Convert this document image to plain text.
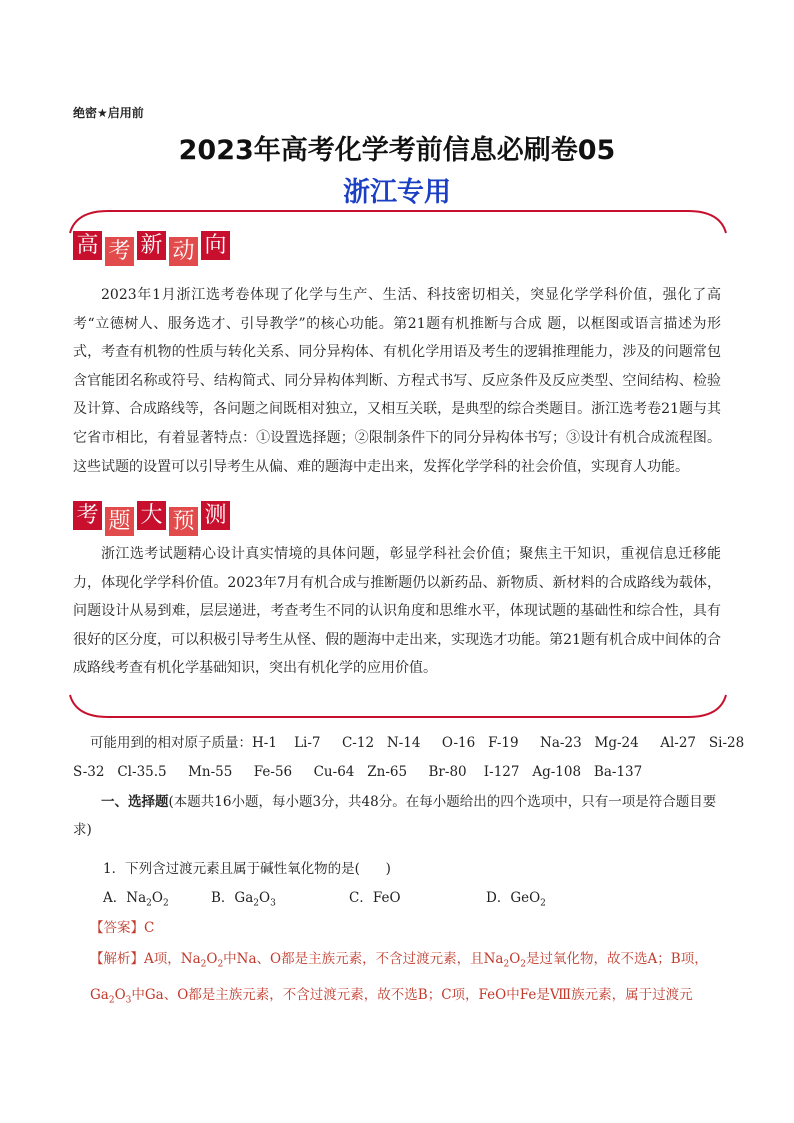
绝密★启用前
2023年高考化学考前信息必刷卷05
浙江专用
高 考 新 动 向
2023年1月浙江选考卷体现了化学与生产、生活、科技密切相关，突显化学学科价值，强化了高考“立德树人、服务选才、引导教学”的核心功能。第21题有机推断与合成 题，以框图或语言描述为形式，考查有机物的性质与转化关系、同分异构体、有机化学用语及考生的逻辑推理能力，涉及的问题常包含官能团名称或符号、结构简式、同分异构体判断、方程式书写、反应条件及反应类型、空间结构、检验及计算、合成路线等，各问题之间既相对独立，又相互关联，是典型的综合类题目。浙江选考卷21题与其它省市相比，有着显著特点：①设置选择题；②限制条件下的同分异构体书写；③设计有机合成流程图。这些试题的设置可以引导考生从偏、难的题海中走出来，发挥化学学科的社会价值，实现育人功能。
考 题 大 预 测
浙江选考试题精心设计真实情境的具体问题，彰显学科社会价值；聚焦主干知识，重视信息迁移能力，体现化学学科价值。2023年7月有机合成与推断题仍以新药品、新物质、新材料的合成路线为载体，问题设计从易到难，层层递进，考查考生不同的认识角度和思维水平，体现试题的基础性和综合性，具有很好的区分度，可以积极引导考生从怪、假的题海中走出来，实现选才功能。第21题有机合成中间体的合成路线考查有机化学基础知识，突出有机化学的应用价值。
可能用到的相对原子质量：H-1    Li-7     C-12   N-14     O-16   F-19     Na-23   Mg-24     Al-27   Si-28
S-32   Cl-35.5     Mn-55     Fe-56     Cu-64   Zn-65     Br-80    I-127   Ag-108   Ba-137
一、选择题(本题共16小题，每小题3分，共48分。在每小题给出的四个选项中，只有一项是符合题目要求)
1．下列含过渡元素且属于碱性氧化物的是(      )
A．$Na_2O_2$	B．$Ga_2O_3$	C．FeO	D．GeO$_2$
【答案】C
【解析】A项，$Na_2O_2$中Na、O都是主族元素，不含过渡元素，且$Na_2O_2$是过氧化物，故不选A；B项，$Ga_2O_3$中Ga、O都是主族元素，不含过渡元素，故不选B；C项，FeO中Fe是Ⅷ族元素，属于过渡元
